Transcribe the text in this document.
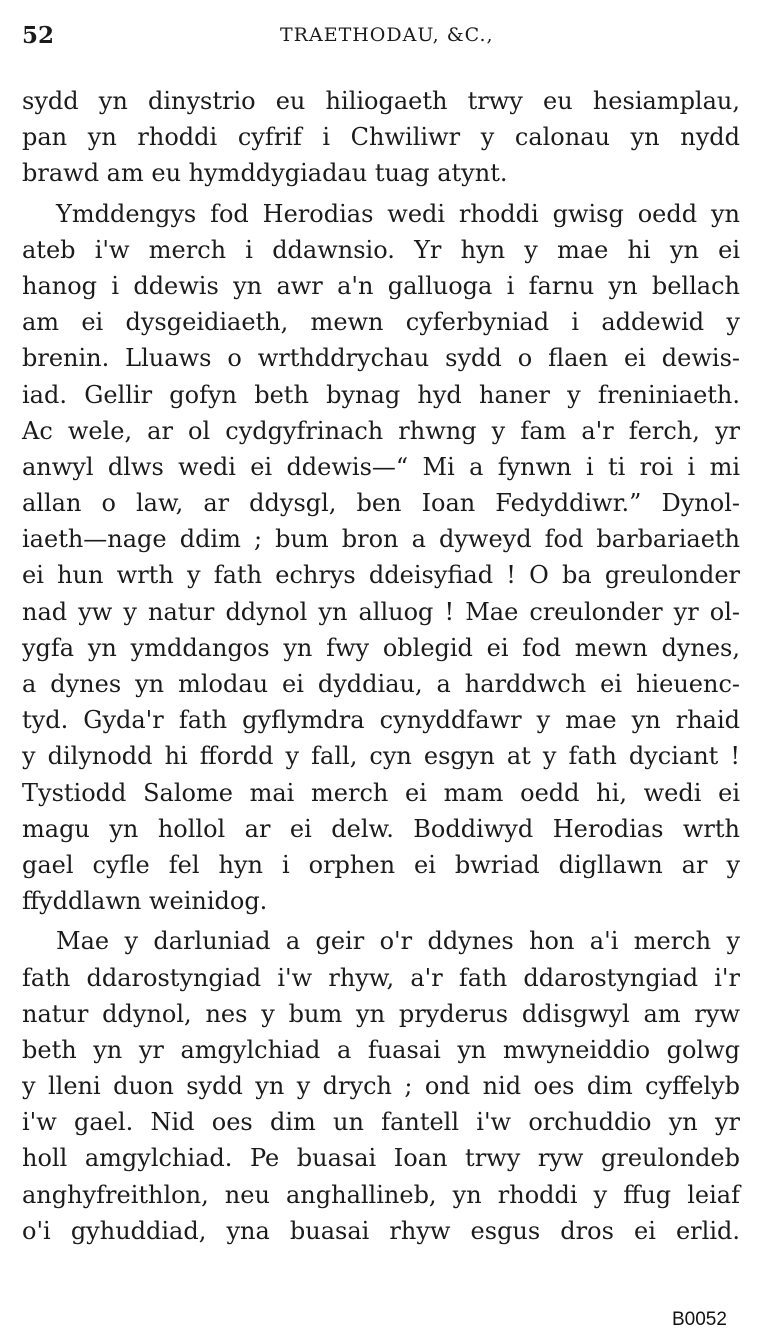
52	TRAETHODAU, &C.,
sydd yn dinystrio eu hiliogaeth trwy eu hesiamplau,
pan yn rhoddi cyfrif i Chwiliwr y calonau yn nydd
brawd am eu hymddygiadau tuag atynt.
Ymddengys fod Herodias wedi rhoddi gwisg oedd yn
ateb i'w merch i ddawnsio. Yr hyn y mae hi yn ei
hanog i ddewis yn awr a'n galluoga i farnu yn bellach
am ei dysgeidiaeth, mewn cyferbyniad i addewid y
brenin. Lluaws o wrthddrychau sydd o flaen ei dewis-
iad. Gellir gofyn beth bynag hyd haner y freniniaeth.
Ac wele, ar ol cydgyfrinach rhwng y fam a'r ferch, yr
anwyl dlws wedi ei ddewis—“ Mi a fynwn i ti roi i mi
allan o law, ar ddysgl, ben Ioan Fedyddiwr.” Dynol-
iaeth—nage ddim ; bum bron a dyweyd fod barbariaeth
ei hun wrth y fath echrys ddeisyfiad ! O ba greulonder
nad yw y natur ddynol yn alluog ! Mae creulonder yr ol-
ygfa yn ymddangos yn fwy oblegid ei fod mewn dynes,
a dynes yn mlodau ei dyddiau, a harddwch ei hieuenc-
tyd. Gyda'r fath gyflymdra cynyddfawr y mae yn rhaid
y dilynodd hi ffordd y fall, cyn esgyn at y fath dyciant !
Tystiodd Salome mai merch ei mam oedd hi, wedi ei
magu yn hollol ar ei delw. Boddiwyd Herodias wrth
gael cyfle fel hyn i orphen ei bwriad digllawn ar y
ffyddlawn weinidog.
Mae y darluniad a geir o'r ddynes hon a'i merch y
fath ddarostyngiad i'w rhyw, a'r fath ddarostyngiad i'r
natur ddynol, nes y bum yn pryderus ddisgwyl am ryw
beth yn yr amgylchiad a fuasai yn mwyneiddio golwg
y lleni duon sydd yn y drych ; ond nid oes dim cyffelyb
i'w gael. Nid oes dim un fantell i'w orchuddio yn yr
holl amgylchiad. Pe buasai Ioan trwy ryw greulondeb
anghyfreithlon, neu anghallineb, yn rhoddi y ffug leiaf
o'i gyhuddiad, yna buasai rhyw esgus dros ei erlid.
B0052
